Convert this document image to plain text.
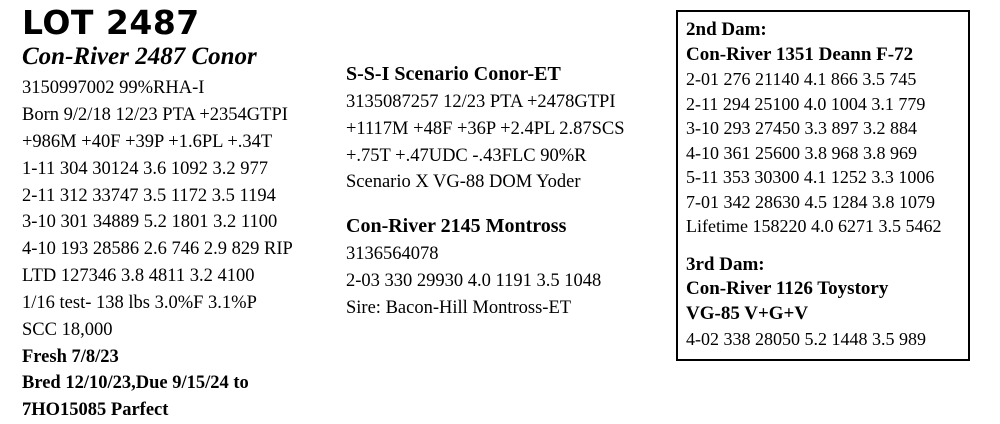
LOT 2487
Con-River 2487 Conor
3150997002 99%RHA-I
Born 9/2/18 12/23 PTA +2354GTPI
+986M +40F +39P +1.6PL +.34T
1-11 304 30124 3.6 1092 3.2 977
2-11 312 33747 3.5 1172 3.5 1194
3-10 301 34889 5.2 1801 3.2 1100
4-10 193 28586 2.6 746 2.9 829 RIP
LTD 127346 3.8 4811 3.2 4100
1/16 test- 138 lbs 3.0%F 3.1%P
SCC 18,000
Fresh 7/8/23
Bred 12/10/23,Due 9/15/24 to
7HO15085 Parfect
S-S-I Scenario Conor-ET
3135087257 12/23 PTA +2478GTPI
+1117M +48F +36P +2.4PL 2.87SCS
+.75T +.47UDC -.43FLC 90%R
Scenario X VG-88 DOM Yoder
Con-River 2145 Montross
3136564078
2-03 330 29930 4.0 1191 3.5 1048
Sire: Bacon-Hill Montross-ET
2nd Dam:
Con-River 1351 Deann F-72
2-01 276 21140 4.1 866 3.5 745
2-11 294 25100 4.0 1004 3.1 779
3-10 293 27450 3.3 897 3.2 884
4-10 361 25600 3.8 968 3.8 969
5-11 353 30300 4.1 1252 3.3 1006
7-01 342 28630 4.5 1284 3.8 1079
Lifetime 158220 4.0 6271 3.5 5462
3rd Dam:
Con-River 1126 Toystory
VG-85 V+G+V
4-02 338 28050 5.2 1448 3.5 989
